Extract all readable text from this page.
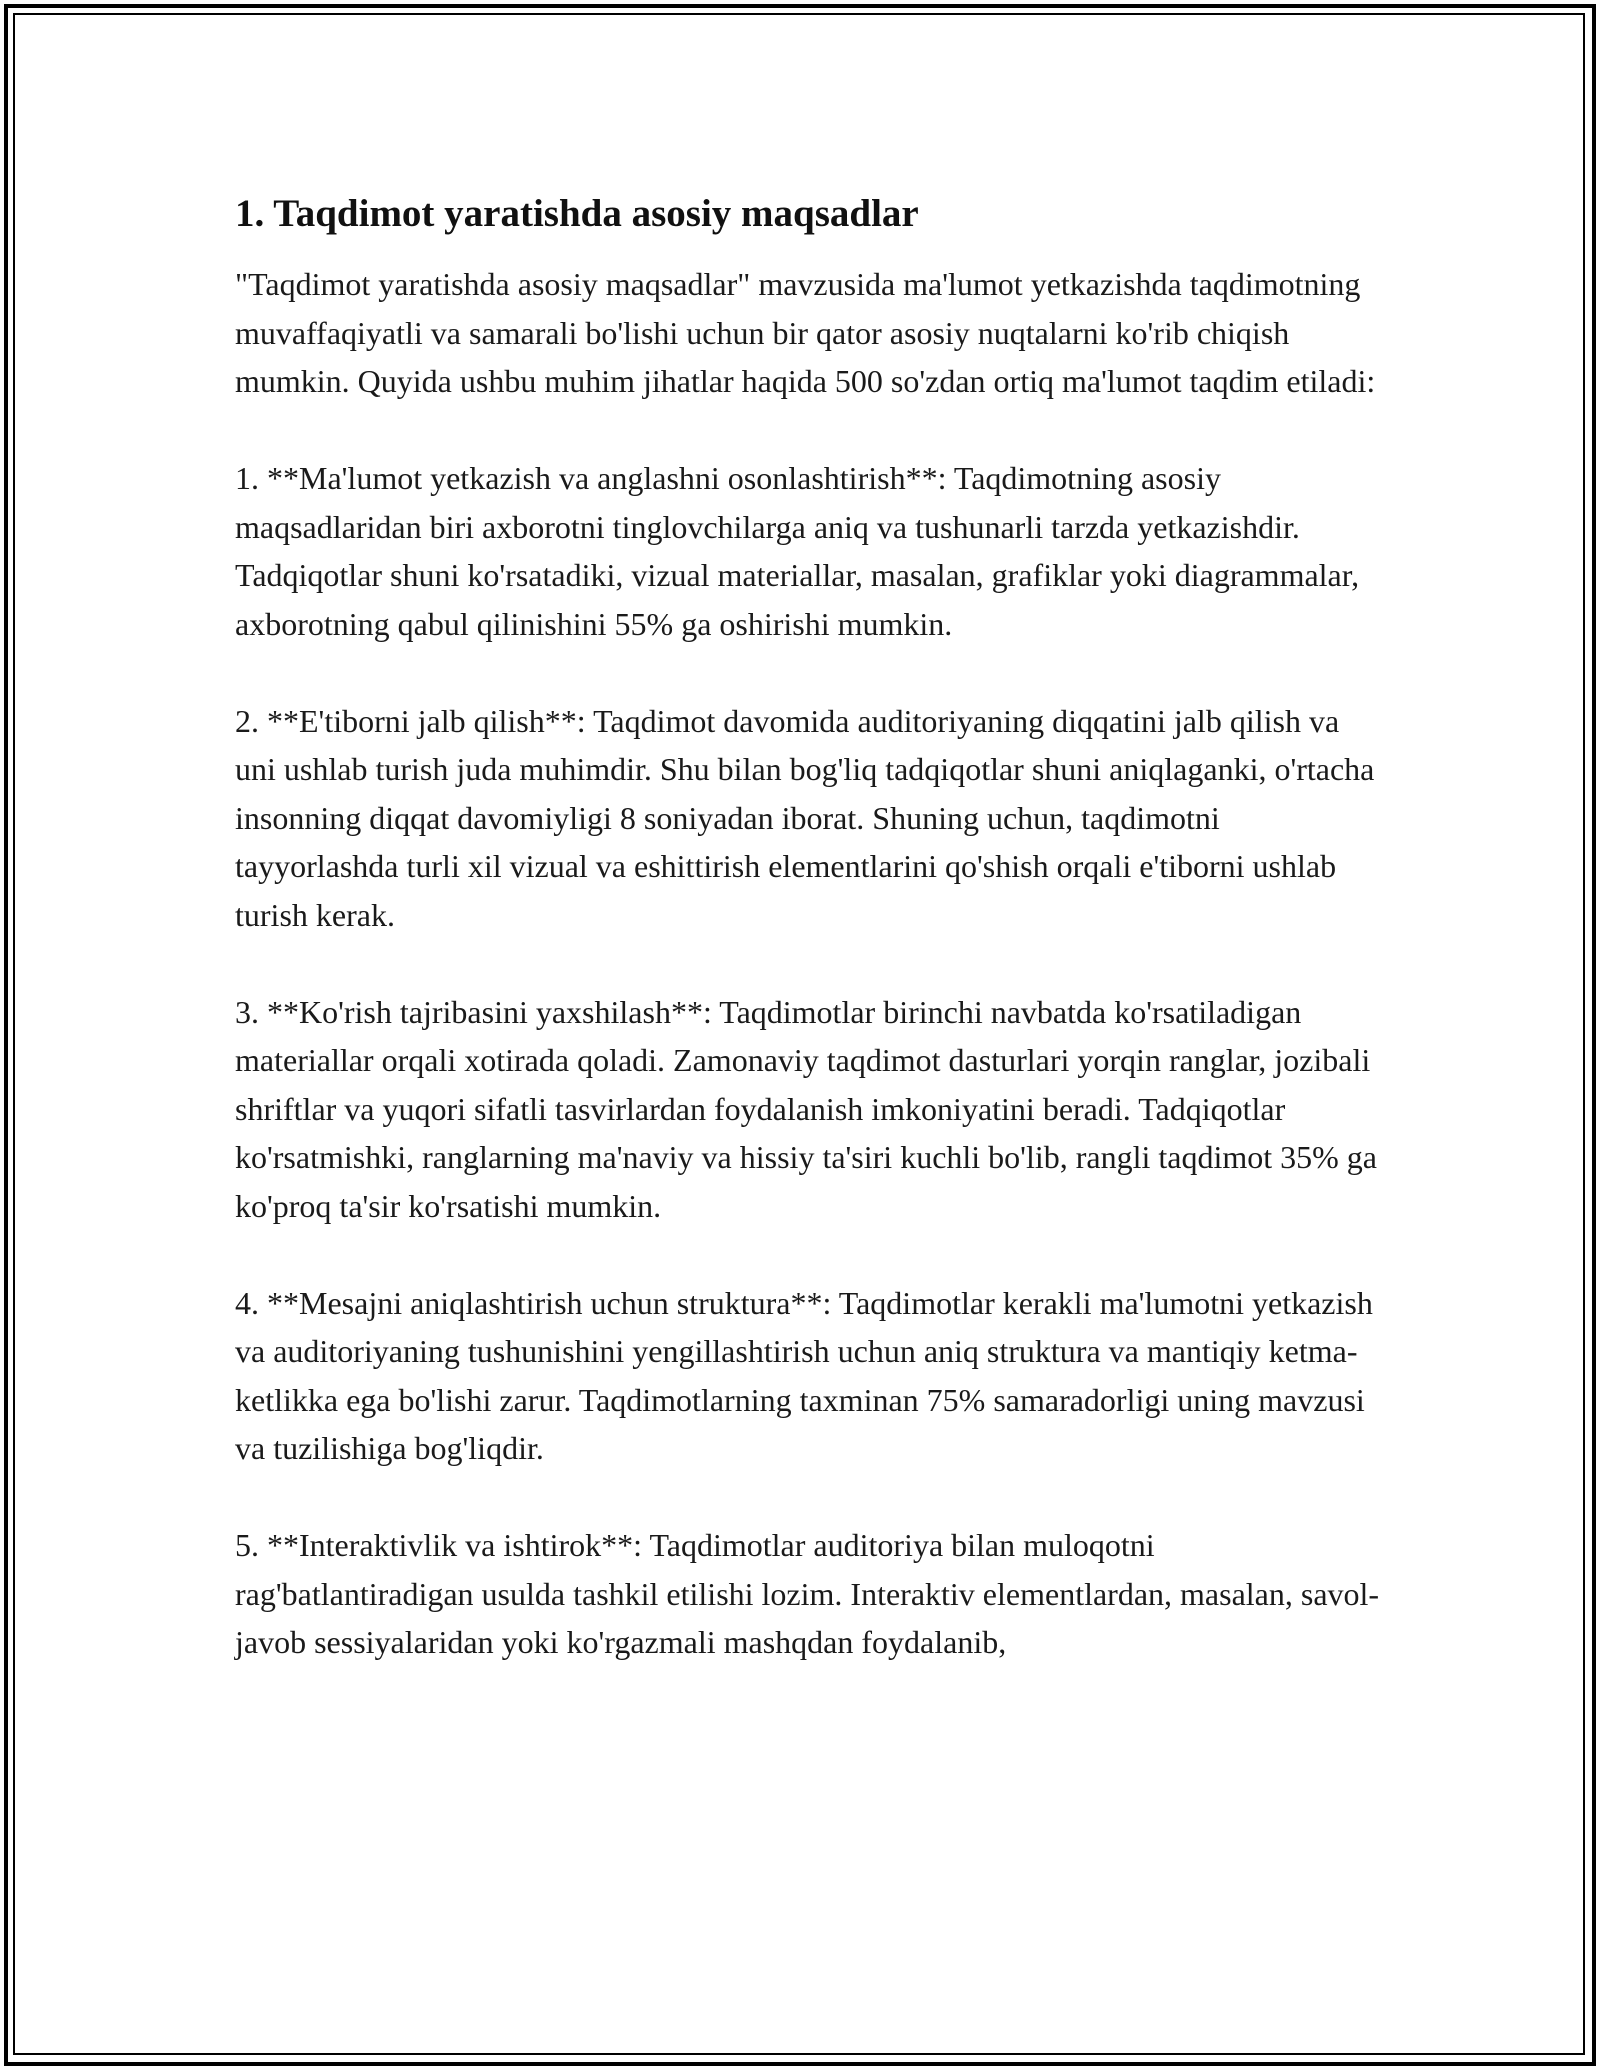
1. Taqdimot yaratishda asosiy maqsadlar

"Taqdimot yaratishda asosiy maqsadlar" mavzusida ma'lumot yetkazishda taqdimotning muvaffaqiyatli va samarali bo'lishi uchun bir qator asosiy nuqtalarni ko'rib chiqish mumkin. Quyida ushbu muhim jihatlar haqida 500 so'zdan ortiq ma'lumot taqdim etiladi:

1. **Ma'lumot yetkazish va anglashni osonlashtirish**: Taqdimotning asosiy maqsadlaridan biri axborotni tinglovchilarga aniq va tushunarli tarzda yetkazishdir. Tadqiqotlar shuni ko'rsatadiki, vizual materiallar, masalan, grafiklar yoki diagrammalar, axborotning qabul qilinishini 55% ga oshirishi mumkin.

2. **E'tiborni jalb qilish**: Taqdimot davomida auditoriyaning diqqatini jalb qilish va uni ushlab turish juda muhimdir. Shu bilan bog'liq tadqiqotlar shuni aniqlaganki, o'rtacha insonning diqqat davomiyligi 8 soniyadan iborat. Shuning uchun, taqdimotni tayyorlashda turli xil vizual va eshittirish elementlarini qo'shish orqali e'tiborni ushlab turish kerak.

3. **Ko'rish tajribasini yaxshilash**: Taqdimotlar birinchi navbatda ko'rsatiladigan materiallar orqali xotirada qoladi. Zamonaviy taqdimot dasturlari yorqin ranglar, jozibali shriftlar va yuqori sifatli tasvirlardan foydalanish imkoniyatini beradi. Tadqiqotlar ko'rsatmishki, ranglarning ma'naviy va hissiy ta'siri kuchli bo'lib, rangli taqdimot 35% ga ko'proq ta'sir ko'rsatishi mumkin.

4. **Mesajni aniqlashtirish uchun struktura**: Taqdimotlar kerakli ma'lumotni yetkazish va auditoriyaning tushunishini yengillashtirish uchun aniq struktura va mantiqiy ketma-ketlikka ega bo'lishi zarur. Taqdimotlarning taxminan 75% samaradorligi uning mavzusi va tuzilishiga bog'liqdir.

5. **Interaktivlik va ishtirok**: Taqdimotlar auditoriya bilan muloqotni rag'batlantiradigan usulda tashkil etilishi lozim. Interaktiv elementlardan, masalan, savol-javob sessiyalaridan yoki ko'rgazmali mashqdan foydalanib,
